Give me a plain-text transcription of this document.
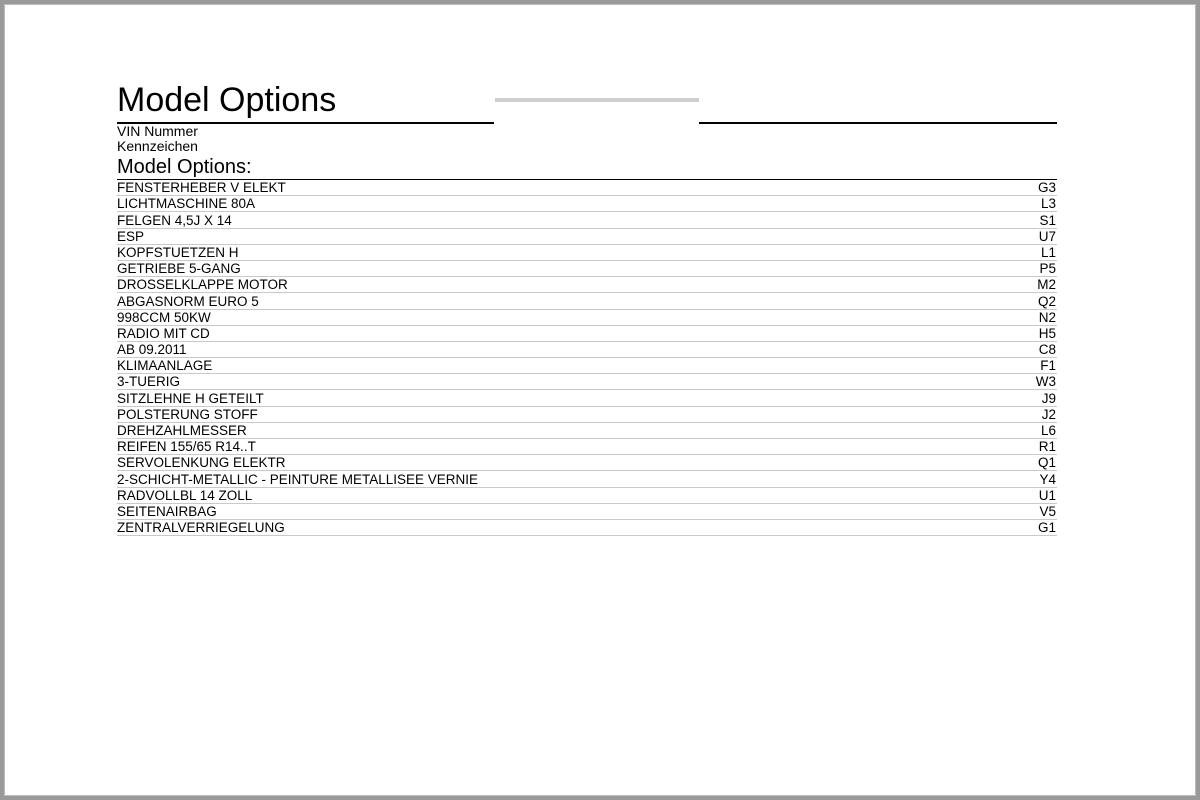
Model Options
VIN Nummer
Kennzeichen
Model Options:
FENSTERHEBER V ELEKT	G3
LICHTMASCHINE 80A	L3
FELGEN 4,5J X 14	S1
ESP	U7
KOPFSTUETZEN H	L1
GETRIEBE 5-GANG	P5
DROSSELKLAPPE MOTOR	M2
ABGASNORM EURO 5	Q2
998CCM 50KW	N2
RADIO MIT CD	H5
AB 09.2011	C8
KLIMAANLAGE	F1
3-TUERIG	W3
SITZLEHNE H GETEILT	J9
POLSTERUNG STOFF	J2
DREHZAHLMESSER	L6
REIFEN 155/65 R14..T	R1
SERVOLENKUNG ELEKTR	Q1
2-SCHICHT-METALLIC - PEINTURE METALLISEE VERNIE	Y4
RADVOLLBL 14 ZOLL	U1
SEITENAIRBAG	V5
ZENTRALVERRIEGELUNG	G1
